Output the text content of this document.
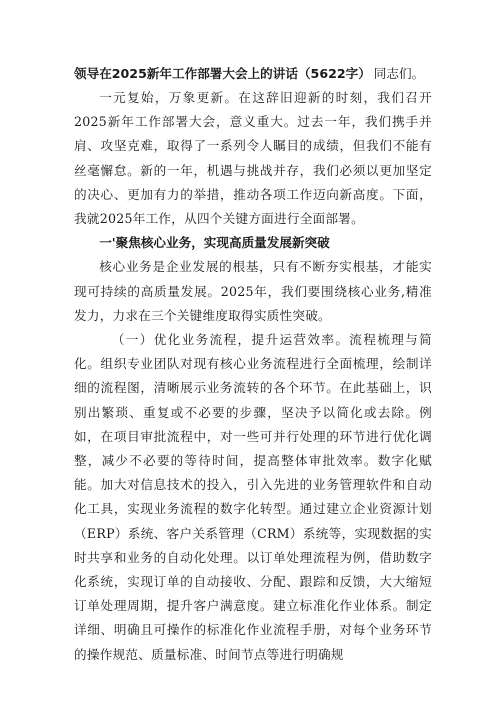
领导在2025新年工作部署大会上的讲话（5622字） 同志们。

一元复始，万象更新。在这辞旧迎新的时刻，我们召开2025新年工作部署大会，意义重大。过去一年，我们携手并肩、攻坚克难，取得了一系列令人瞩目的成绩，但我们不能有丝毫懈怠。新的一年，机遇与挑战并存，我们必须以更加坚定的决心、更加有力的举措，推动各项工作迈向新高度。下面，我就2025年工作，从四个关键方面进行全面部署。

一'聚焦核心业务，实现高质量发展新突破

核心业务是企业发展的根基，只有不断夯实根基，才能实现可持续的高质量发展。2025年，我们要围绕核心业务,精准发力，力求在三个关键维度取得实质性突破。

（一）优化业务流程，提升运营效率。流程梳理与简化。组织专业团队对现有核心业务流程进行全面梳理，绘制详细的流程图，清晰展示业务流转的各个环节。在此基础上，识别出繁琐、重复或不必要的步骤，坚决予以简化或去除。例如，在项目审批流程中，对一些可并行处理的环节进行优化调整，减少不必要的等待时间，提高整体审批效率。数字化赋能。加大对信息技术的投入，引入先进的业务管理软件和自动化工具，实现业务流程的数字化转型。通过建立企业资源计划（ERP）系统、客户关系管理（CRM）系统等，实现数据的实时共享和业务的自动化处理。以订单处理流程为例，借助数字化系统，实现订单的自动接收、分配、跟踪和反馈，大大缩短订单处理周期，提升客户满意度。建立标准化作业体系。制定详细、明确且可操作的标准化作业流程手册，对每个业务环节的操作规范、质量标准、时间节点等进行明确规
